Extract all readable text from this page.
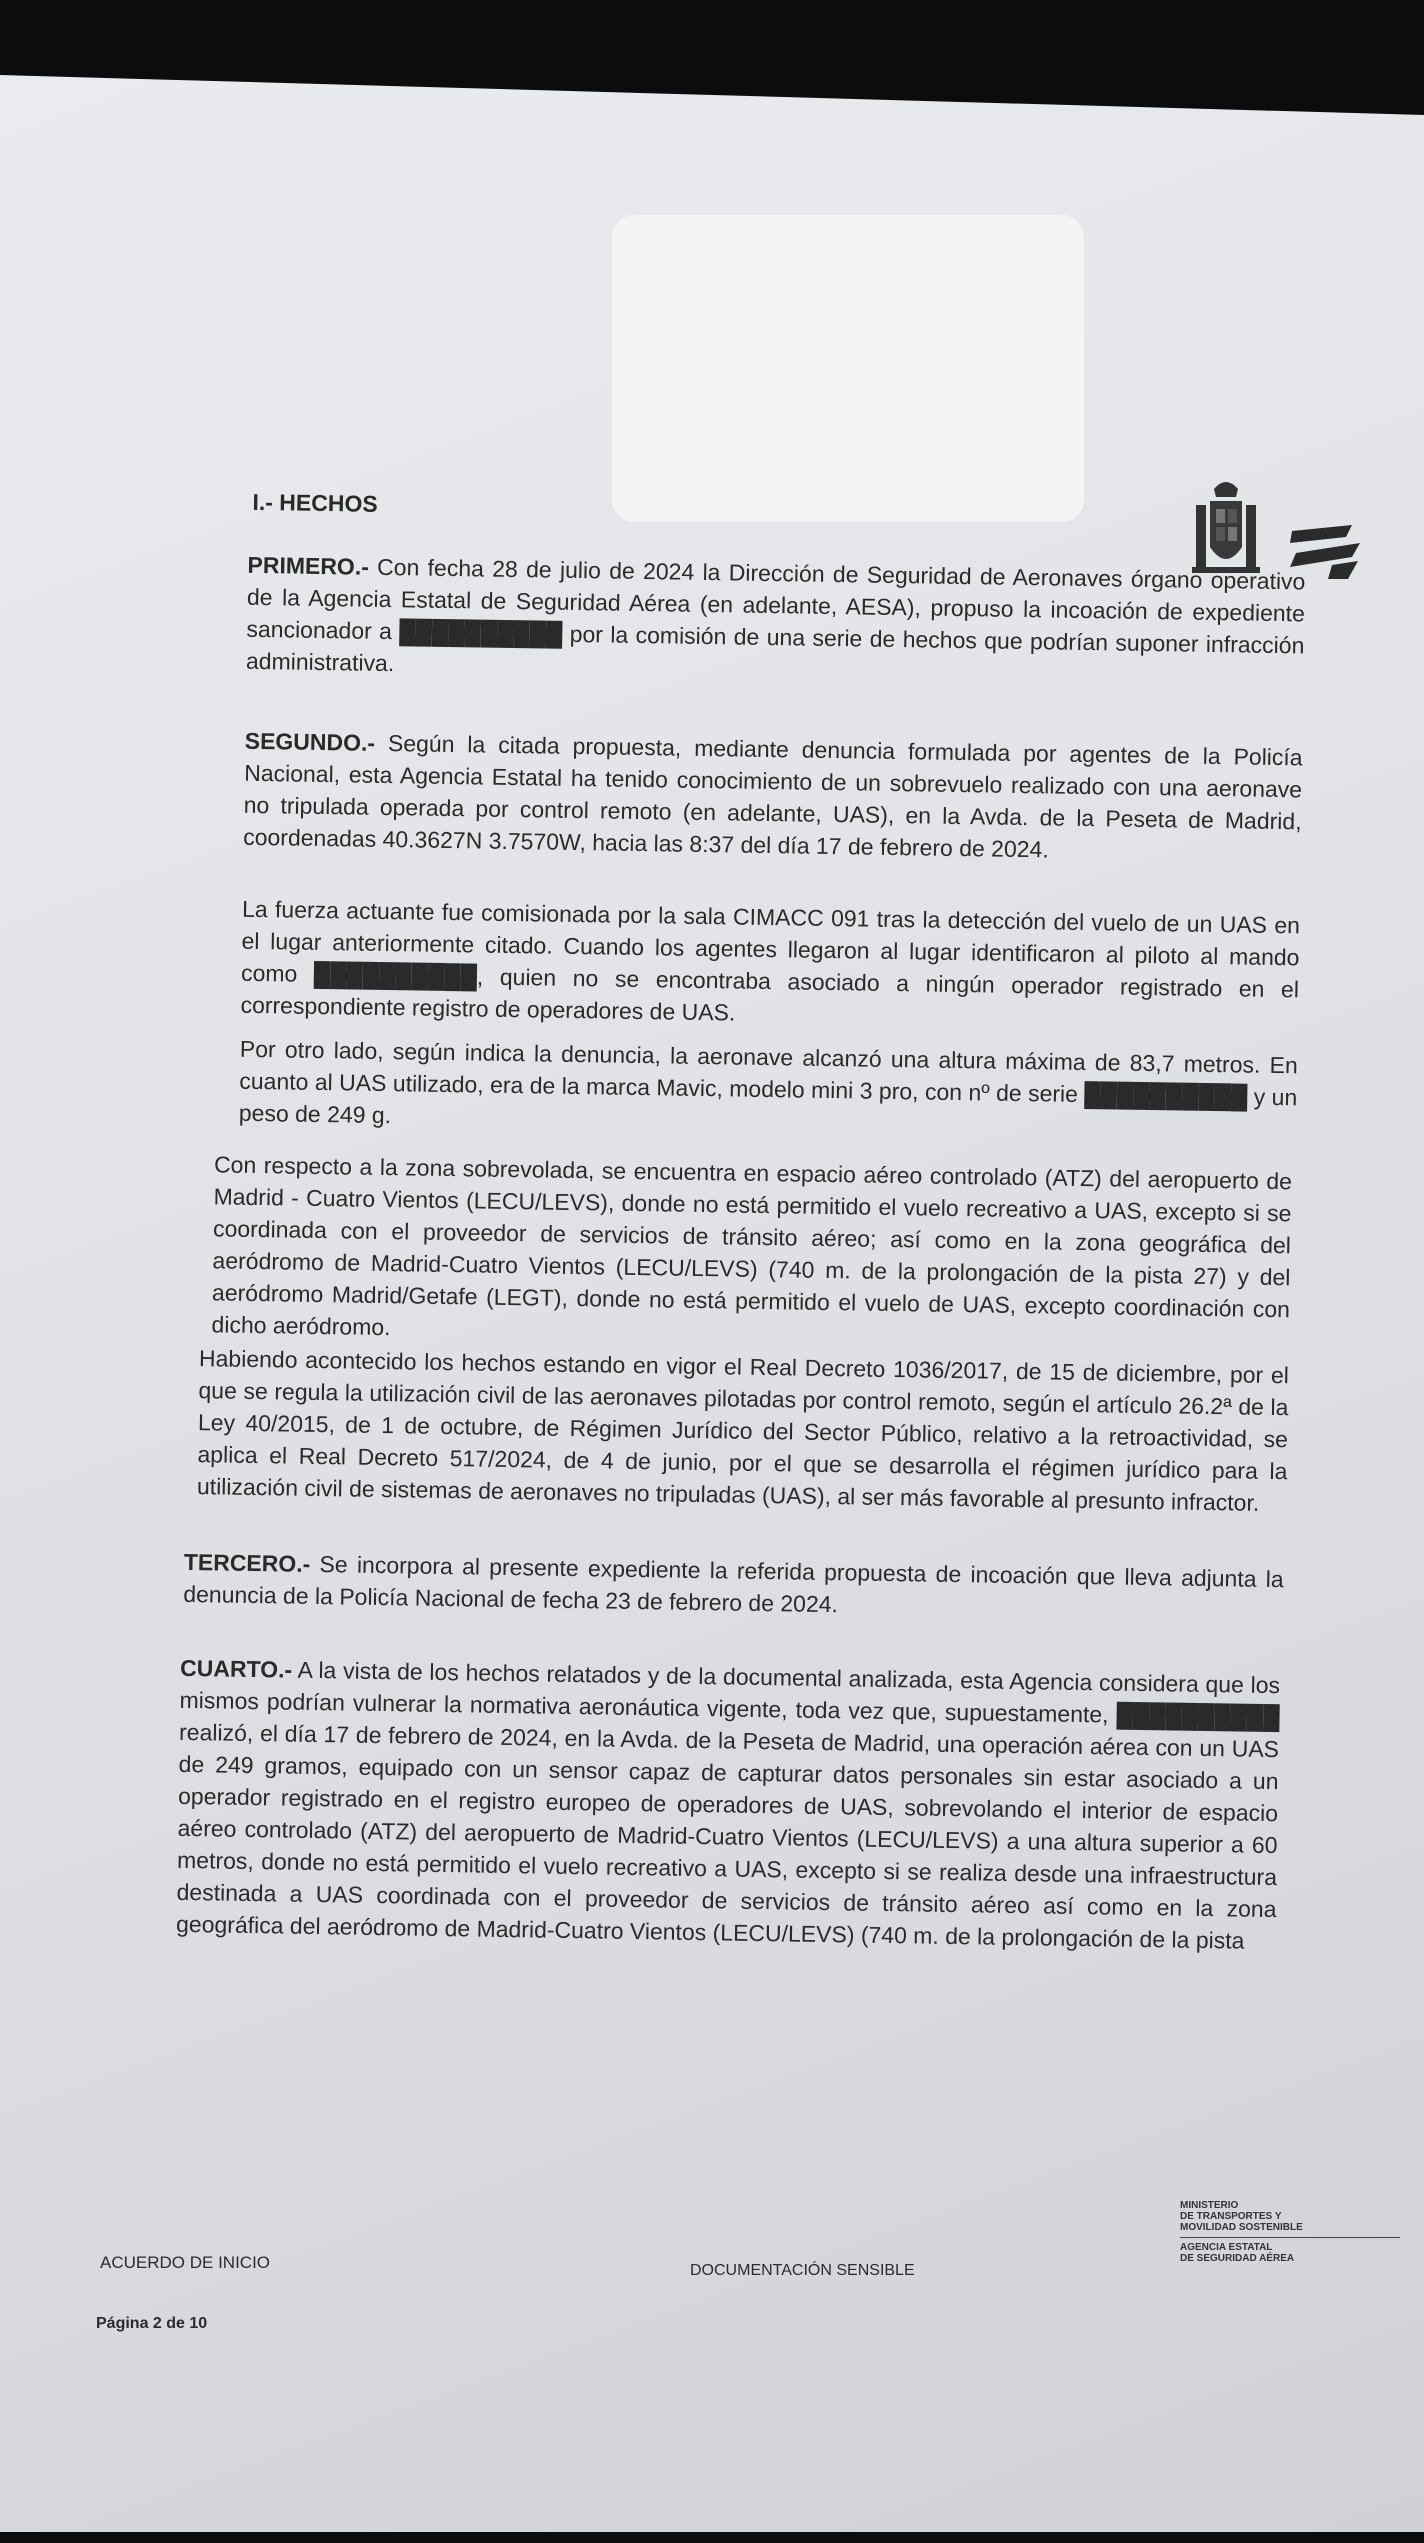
I.- HECHOS
PRIMERO.- Con fecha 28 de julio de 2024 la Dirección de Seguridad de Aeronaves órgano operativo de la Agencia Estatal de Seguridad Aérea (en adelante, AESA), propuso la incoación de expediente sancionador a ██████████ por la comisión de una serie de hechos que podrían suponer infracción administrativa.
SEGUNDO.- Según la citada propuesta, mediante denuncia formulada por agentes de la Policía Nacional, esta Agencia Estatal ha tenido conocimiento de un sobrevuelo realizado con una aeronave no tripulada operada por control remoto (en adelante, UAS), en la Avda. de la Peseta de Madrid, coordenadas 40.3627N 3.7570W, hacia las 8:37 del día 17 de febrero de 2024.
La fuerza actuante fue comisionada por la sala CIMACC 091 tras la detección del vuelo de un UAS en el lugar anteriormente citado. Cuando los agentes llegaron al lugar identificaron al piloto al mando como ██████████, quien no se encontraba asociado a ningún operador registrado en el correspondiente registro de operadores de UAS.
Por otro lado, según indica la denuncia, la aeronave alcanzó una altura máxima de 83,7 metros. En cuanto al UAS utilizado, era de la marca Mavic, modelo mini 3 pro, con nº de serie ██████████ y un peso de 249 g.
Con respecto a la zona sobrevolada, se encuentra en espacio aéreo controlado (ATZ) del aeropuerto de Madrid - Cuatro Vientos (LECU/LEVS), donde no está permitido el vuelo recreativo a UAS, excepto si se coordinada con el proveedor de servicios de tránsito aéreo; así como en la zona geográfica del aeródromo de Madrid-Cuatro Vientos (LECU/LEVS) (740 m. de la prolongación de la pista 27) y del aeródromo Madrid/Getafe (LEGT), donde no está permitido el vuelo de UAS, excepto coordinación con dicho aeródromo.
Habiendo acontecido los hechos estando en vigor el Real Decreto 1036/2017, de 15 de diciembre, por el que se regula la utilización civil de las aeronaves pilotadas por control remoto, según el artículo 26.2ª de la Ley 40/2015, de 1 de octubre, de Régimen Jurídico del Sector Público, relativo a la retroactividad, se aplica el Real Decreto 517/2024, de 4 de junio, por el que se desarrolla el régimen jurídico para la utilización civil de sistemas de aeronaves no tripuladas (UAS), al ser más favorable al presunto infractor.
TERCERO.- Se incorpora al presente expediente la referida propuesta de incoación que lleva adjunta la denuncia de la Policía Nacional de fecha 23 de febrero de 2024.
CUARTO.- A la vista de los hechos relatados y de la documental analizada, esta Agencia considera que los mismos podrían vulnerar la normativa aeronáutica vigente, toda vez que, supuestamente, ██████████ realizó, el día 17 de febrero de 2024, en la Avda. de la Peseta de Madrid, una operación aérea con un UAS de 249 gramos, equipado con un sensor capaz de capturar datos personales sin estar asociado a un operador registrado en el registro europeo de operadores de UAS, sobrevolando el interior de espacio aéreo controlado (ATZ) del aeropuerto de Madrid-Cuatro Vientos (LECU/LEVS) a una altura superior a 60 metros, donde no está permitido el vuelo recreativo a UAS, excepto si se realiza desde una infraestructura destinada a UAS coordinada con el proveedor de servicios de tránsito aéreo así como en la zona geográfica del aeródromo de Madrid-Cuatro Vientos (LECU/LEVS) (740 m. de la prolongación de la pista
ACUERDO DE INICIO	DOCUMENTACIÓN SENSIBLE
Página 2 de 10
MINISTERIO
DE TRANSPORTES Y
MOVILIDAD SOSTENIBLE
AGENCIA ESTATAL
DE SEGURIDAD AÉREA
